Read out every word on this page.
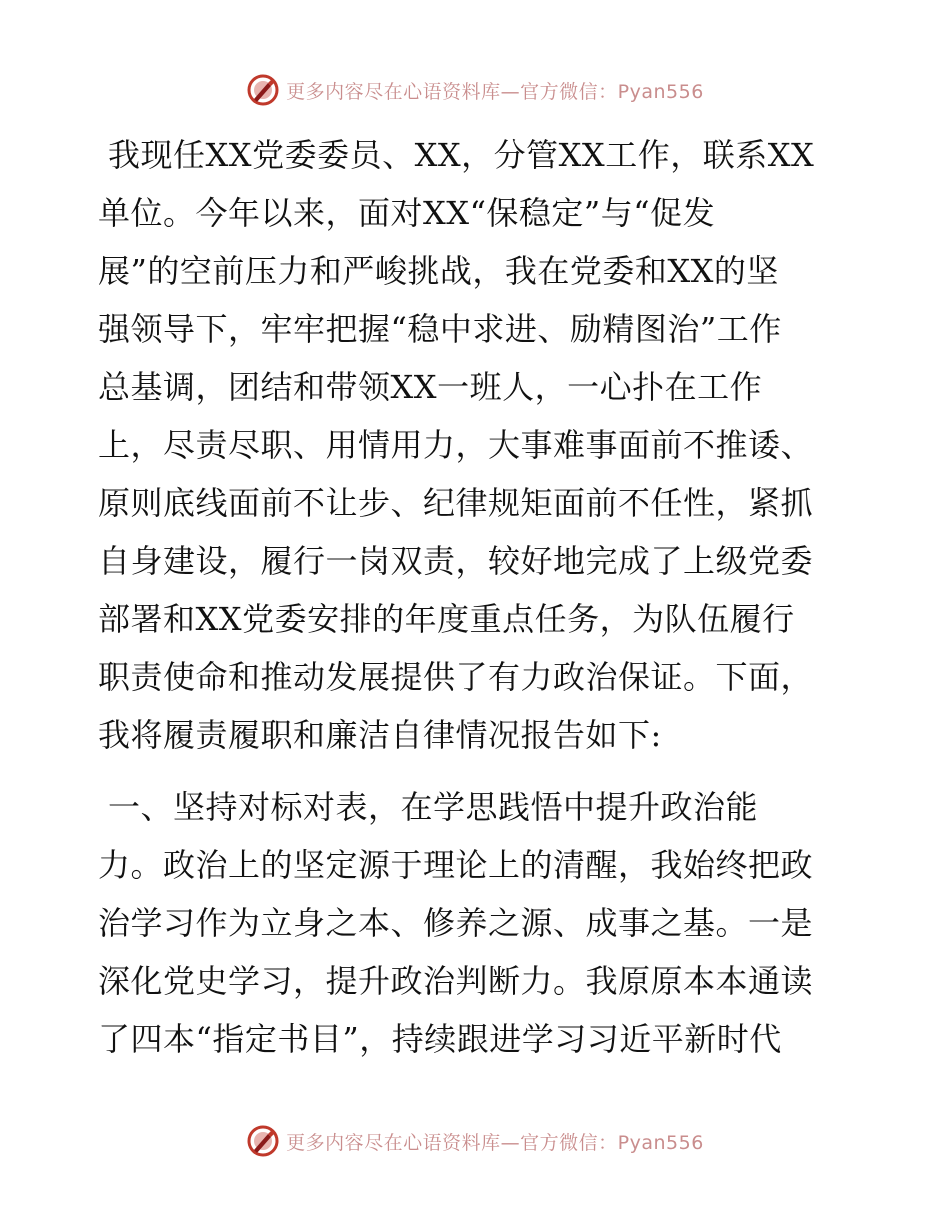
更多内容尽在心语资料库—官方微信：Pyan556
我现任XX党委委员、XX，分管XX工作，联系XX
单位。今年以来，面对XX“保稳定”与“促发
展”的空前压力和严峻挑战，我在党委和XX的坚
强领导下，牢牢把握“稳中求进、励精图治”工作
总基调，团结和带领XX一班人，一心扑在工作
上，尽责尽职、用情用力，大事难事面前不推诿、
原则底线面前不让步、纪律规矩面前不任性，紧抓
自身建设，履行一岗双责，较好地完成了上级党委
部署和XX党委安排的年度重点任务，为队伍履行
职责使命和推动发展提供了有力政治保证。下面，
我将履责履职和廉洁自律情况报告如下:
一、坚持对标对表，在学思践悟中提升政治能
力。政治上的坚定源于理论上的清醒，我始终把政
治学习作为立身之本、修养之源、成事之基。一是
深化党史学习，提升政治判断力。我原原本本通读
了四本“指定书目”，持续跟进学习习近平新时代
更多内容尽在心语资料库—官方微信：Pyan556
